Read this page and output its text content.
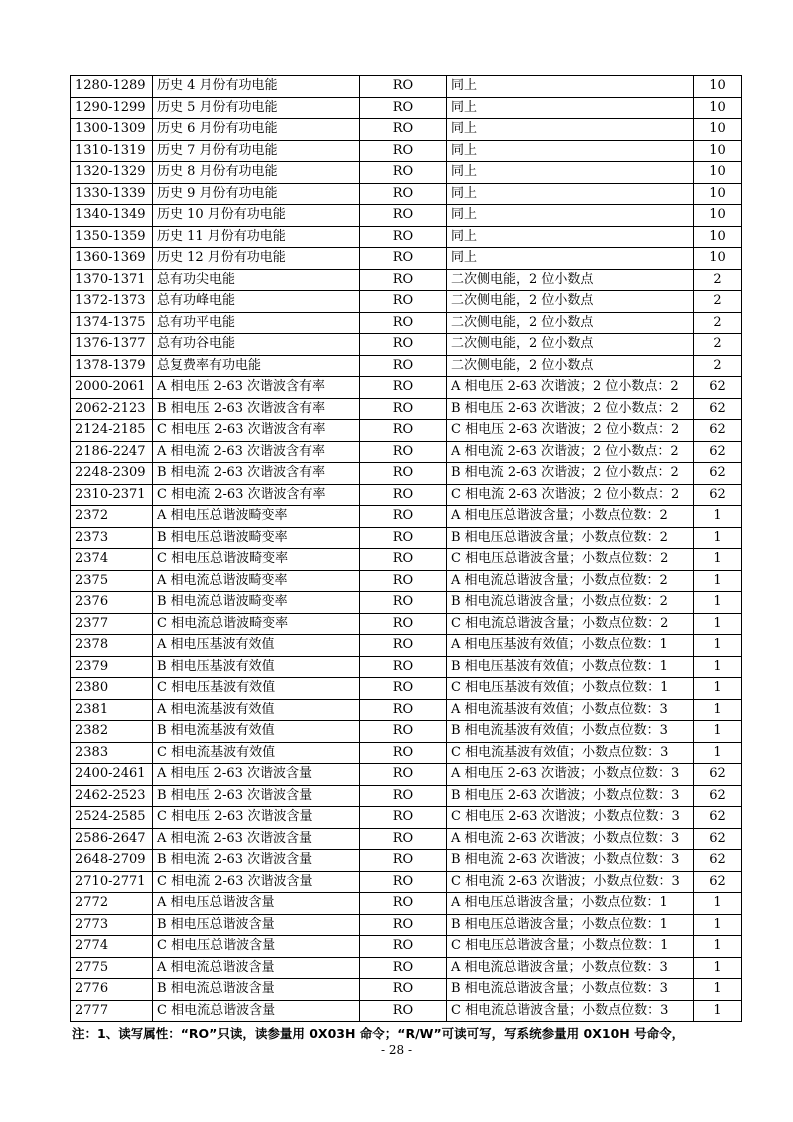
1280-1289	历史 4 月份有功电能	RO	同上	10
1290-1299	历史 5 月份有功电能	RO	同上	10
1300-1309	历史 6 月份有功电能	RO	同上	10
1310-1319	历史 7 月份有功电能	RO	同上	10
1320-1329	历史 8 月份有功电能	RO	同上	10
1330-1339	历史 9 月份有功电能	RO	同上	10
1340-1349	历史 10 月份有功电能	RO	同上	10
1350-1359	历史 11 月份有功电能	RO	同上	10
1360-1369	历史 12 月份有功电能	RO	同上	10
1370-1371	总有功尖电能	RO	二次侧电能，2 位小数点	2
1372-1373	总有功峰电能	RO	二次侧电能，2 位小数点	2
1374-1375	总有功平电能	RO	二次侧电能，2 位小数点	2
1376-1377	总有功谷电能	RO	二次侧电能，2 位小数点	2
1378-1379	总复费率有功电能	RO	二次侧电能，2 位小数点	2
2000-2061	A 相电压 2-63 次谐波含有率	RO	A 相电压 2-63 次谐波；2 位小数点：2	62
2062-2123	B 相电压 2-63 次谐波含有率	RO	B 相电压 2-63 次谐波；2 位小数点：2	62
2124-2185	C 相电压 2-63 次谐波含有率	RO	C 相电压 2-63 次谐波；2 位小数点：2	62
2186-2247	A 相电流 2-63 次谐波含有率	RO	A 相电流 2-63 次谐波；2 位小数点：2	62
2248-2309	B 相电流 2-63 次谐波含有率	RO	B 相电流 2-63 次谐波；2 位小数点：2	62
2310-2371	C 相电流 2-63 次谐波含有率	RO	C 相电流 2-63 次谐波；2 位小数点：2	62
2372	A 相电压总谐波畸变率	RO	A 相电压总谐波含量；小数点位数：2	1
2373	B 相电压总谐波畸变率	RO	B 相电压总谐波含量；小数点位数：2	1
2374	C 相电压总谐波畸变率	RO	C 相电压总谐波含量；小数点位数：2	1
2375	A 相电流总谐波畸变率	RO	A 相电流总谐波含量；小数点位数：2	1
2376	B 相电流总谐波畸变率	RO	B 相电流总谐波含量；小数点位数：2	1
2377	C 相电流总谐波畸变率	RO	C 相电流总谐波含量；小数点位数：2	1
2378	A 相电压基波有效值	RO	A 相电压基波有效值；小数点位数：1	1
2379	B 相电压基波有效值	RO	B 相电压基波有效值；小数点位数：1	1
2380	C 相电压基波有效值	RO	C 相电压基波有效值；小数点位数：1	1
2381	A 相电流基波有效值	RO	A 相电流基波有效值；小数点位数：3	1
2382	B 相电流基波有效值	RO	B 相电流基波有效值；小数点位数：3	1
2383	C 相电流基波有效值	RO	C 相电流基波有效值；小数点位数：3	1
2400-2461	A 相电压 2-63 次谐波含量	RO	A 相电压 2-63 次谐波；小数点位数：3	62
2462-2523	B 相电压 2-63 次谐波含量	RO	B 相电压 2-63 次谐波；小数点位数：3	62
2524-2585	C 相电压 2-63 次谐波含量	RO	C 相电压 2-63 次谐波；小数点位数：3	62
2586-2647	A 相电流 2-63 次谐波含量	RO	A 相电流 2-63 次谐波；小数点位数：3	62
2648-2709	B 相电流 2-63 次谐波含量	RO	B 相电流 2-63 次谐波；小数点位数：3	62
2710-2771	C 相电流 2-63 次谐波含量	RO	C 相电流 2-63 次谐波；小数点位数：3	62
2772	A 相电压总谐波含量	RO	A 相电压总谐波含量；小数点位数：1	1
2773	B 相电压总谐波含量	RO	B 相电压总谐波含量；小数点位数：1	1
2774	C 相电压总谐波含量	RO	C 相电压总谐波含量；小数点位数：1	1
2775	A 相电流总谐波含量	RO	A 相电流总谐波含量；小数点位数：3	1
2776	B 相电流总谐波含量	RO	B 相电流总谐波含量；小数点位数：3	1
2777	C 相电流总谐波含量	RO	C 相电流总谐波含量；小数点位数：3	1
注：1、读写属性：“RO”只读，读参量用 0X03H 命令；“R/W”可读可写，写系统参量用 0X10H 号命令，
- 28 -
